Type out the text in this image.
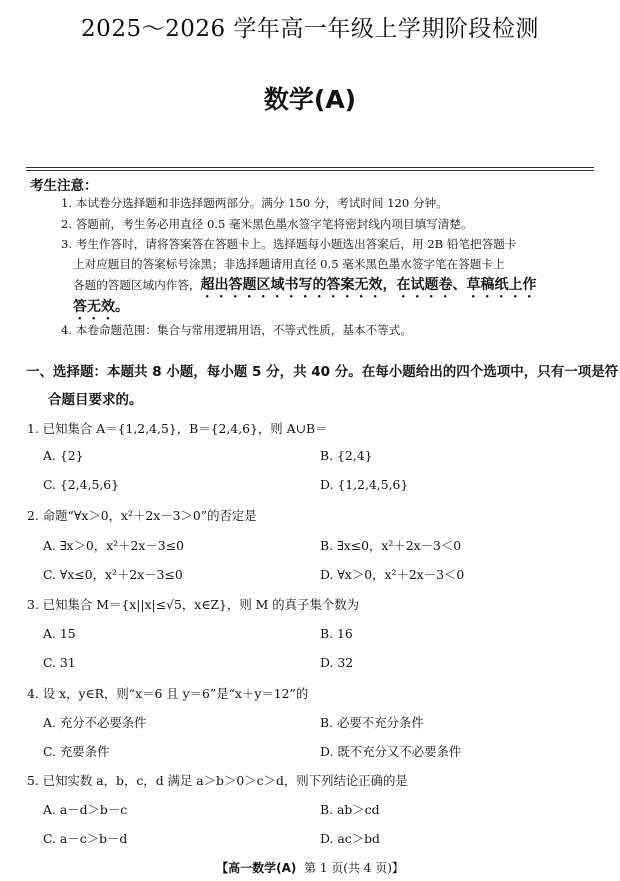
2025～2026 学年高一年级上学期阶段检测
数学(A)
考生注意：
1. 本试卷分选择题和非选择题两部分。满分 150 分，考试时间 120 分钟。
2. 答题前，考生务必用直径 0.5 毫米黑色墨水签字笔将密封线内项目填写清楚。
3. 考生作答时，请将答案答在答题卡上。选择题每小题选出答案后，用 2B 铅笔把答题卡
上对应题目的答案标号涂黑；非选择题请用直径 0.5 毫米黑色墨水签字笔在答题卡上
各题的答题区域内作答，超出答题区域书写的答案无效，在试题卷、草稿纸上作
答无效。
4. 本卷命题范围：集合与常用逻辑用语，不等式性质，基本不等式。
一、选择题：本题共 8 小题，每小题 5 分，共 40 分。在每小题给出的四个选项中，只有一项是符
合题目要求的。
1. 已知集合 A＝{1,2,4,5}，B＝{2,4,6}，则 A∪B＝
A. {2}	B. {2,4}
C. {2,4,5,6}	D. {1,2,4,5,6}
2. 命题“∀x＞0，x²＋2x－3＞0”的否定是
A. ∃x＞0，x²＋2x－3≤0	B. ∃x≤0，x²＋2x－3＜0
C. ∀x≤0，x²＋2x－3≤0	D. ∀x＞0，x²＋2x－3＜0
3. 已知集合 M＝{x||x|≤√5，x∈Z}，则 M 的真子集个数为
A. 15	B. 16
C. 31	D. 32
4. 设 x，y∈R，则“x＝6 且 y＝6”是“x＋y＝12”的
A. 充分不必要条件	B. 必要不充分条件
C. 充要条件	D. 既不充分又不必要条件
5. 已知实数 a，b，c，d 满足 a＞b＞0＞c＞d，则下列结论正确的是
A. a－d＞b－c	B. ab＞cd
C. a－c＞b－d	D. ac＞bd
【高一数学(A) 第 1 页(共 4 页)】
